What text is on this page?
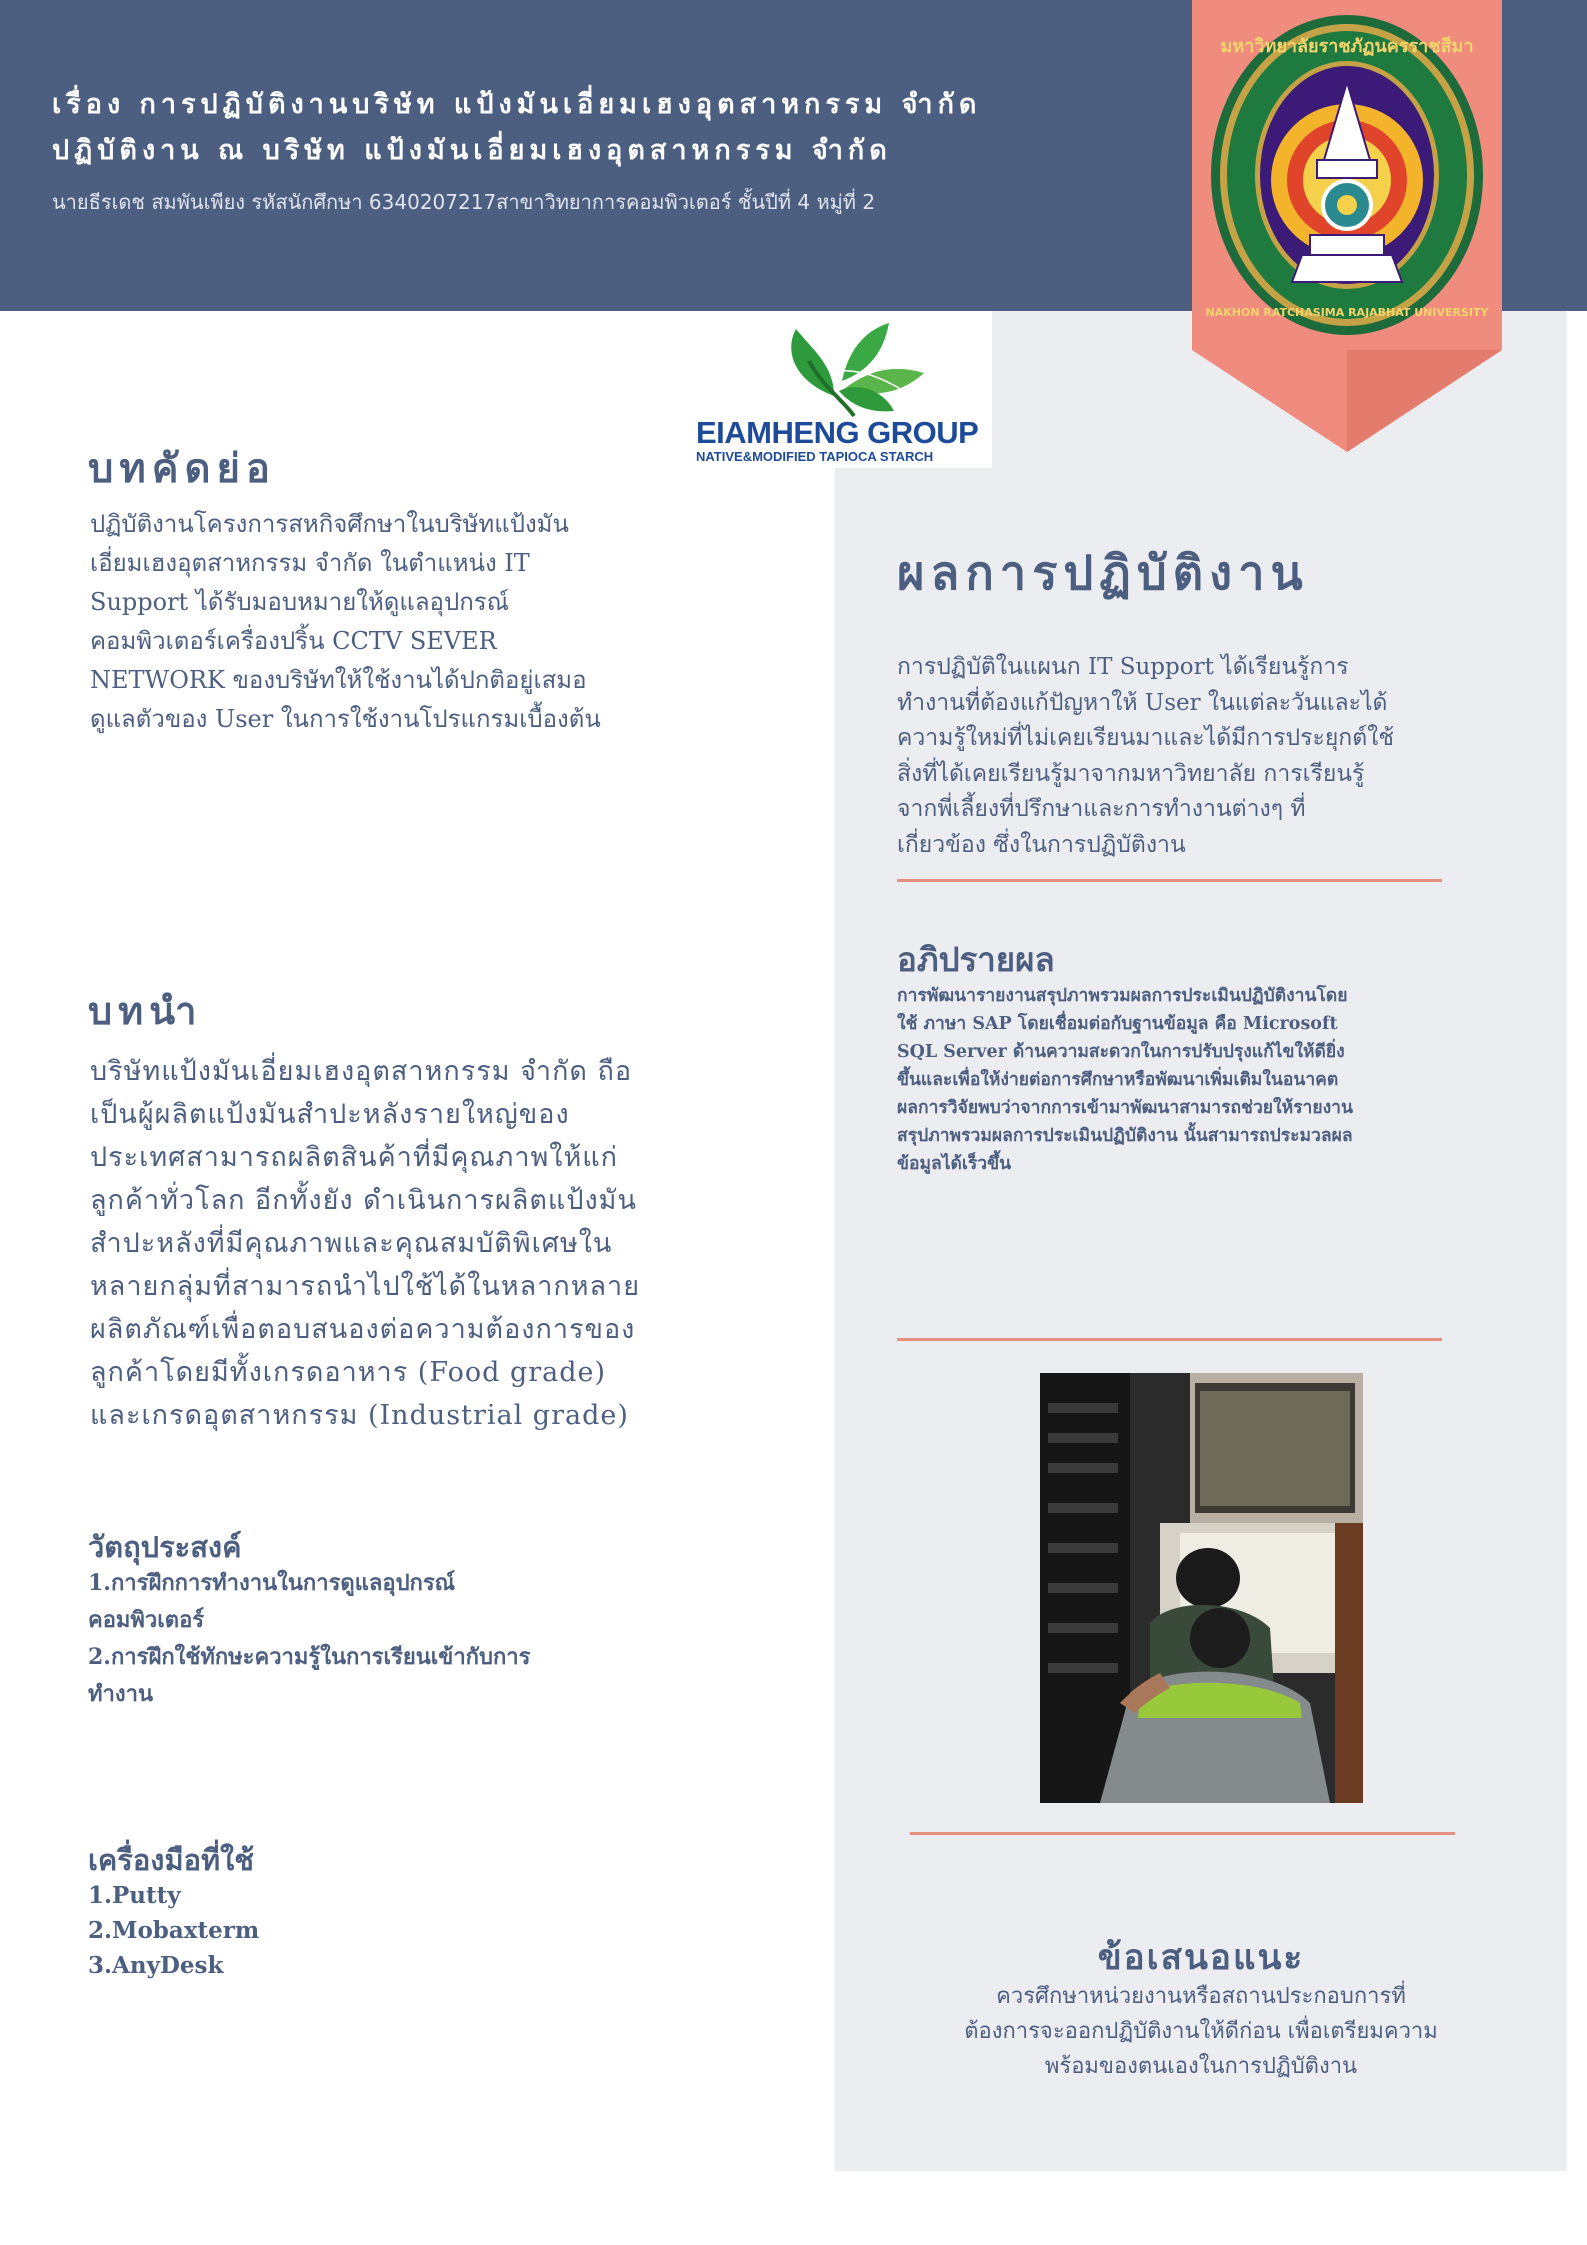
เรื่อง การปฏิบัติงานบริษัท แป้งมันเอี่ยมเฮงอุตสาหกรรม จำกัด
ปฏิบัติงาน ณ บริษัท แป้งมันเอี่ยมเฮงอุตสาหกรรม จำกัด
นายธีรเดช สมพันเพียง รหัสนักศึกษา 6340207217สาขาวิทยาการคอมพิวเตอร์ ชั้นปีที่ 4 หมู่ที่ 2
มหาวิทยาลัยราชภัฏนครราชสีมา
NAKHON RATCHASIMA RAJABHAT UNIVERSITY
EIAMHENG GROUP
NATIVE&MODIFIED TAPIOCA STARCH
บทคัดย่อ

ปฏิบัติงานโครงการสหกิจศึกษาในบริษัทแป้งมัน
เอี่ยมเฮงอุตสาหกรรม จำกัด ในตำแหน่ง IT
Support ได้รับมอบหมายให้ดูแลอุปกรณ์
คอมพิวเตอร์เครื่องปริ้น CCTV SEVER
NETWORK ของบริษัทให้ใช้งานได้ปกติอยู่เสมอ
ดูแลตัวของ User ในการใช้งานโปรแกรมเบื้องต้น

บทนำ

บริษัทแป้งมันเอี่ยมเฮงอุตสาหกรรม จำกัด ถือ
เป็นผู้ผลิตแป้งมันสำปะหลังรายใหญ่ของ
ประเทศสามารถผลิตสินค้าที่มีคุณภาพให้แก่
ลูกค้าทั่วโลก อีกทั้งยัง ดำเนินการผลิตแป้งมัน
สำปะหลังที่มีคุณภาพและคุณสมบัติพิเศษใน
หลายกลุ่มที่สามารถนำไปใช้ได้ในหลากหลาย
ผลิตภัณฑ์เพื่อตอบสนองต่อความต้องการของ
ลูกค้าโดยมีทั้งเกรดอาหาร (Food grade)
และเกรดอุตสาหกรรม (Industrial grade)

วัตถุประสงค์

1.การฝึกการทำงานในการดูแลอุปกรณ์
คอมพิวเตอร์
2.การฝึกใช้ทักษะความรู้ในการเรียนเข้ากับการ
ทำงาน

เครื่องมือที่ใช้
1.Putty
2.Mobaxterm
3.AnyDesk
ผลการปฏิบัติงาน

การปฏิบัติในแผนก IT Support ได้เรียนรู้การ
ทำงานที่ต้องแก้ปัญหาให้ User ในแต่ละวันและได้
ความรู้ใหม่ที่ไม่เคยเรียนมาและได้มีการประยุกต์ใช้
สิ่งที่ได้เคยเรียนรู้มาจากมหาวิทยาลัย การเรียนรู้
จากพี่เลี้ยงที่ปรึกษาและการทำงานต่างๆ ที่
เกี่ยวข้อง ซึ่งในการปฏิบัติงาน

อภิปรายผล

การพัฒนารายงานสรุปภาพรวมผลการประเมินปฏิบัติงานโดย
ใช้ ภาษา SAP โดยเชื่อมต่อกับฐานข้อมูล คือ Microsoft
SQL Server ด้านความสะดวกในการปรับปรุงแก้ไขให้ดียิ่ง
ขึ้นและเพื่อให้ง่ายต่อการศึกษาหรือพัฒนาเพิ่มเติมในอนาคต
ผลการวิจัยพบว่าจากการเข้ามาพัฒนาสามารถช่วยให้รายงาน
สรุปภาพรวมผลการประเมินปฏิบัติงาน นั้นสามารถประมวลผล
ข้อมูลได้เร็วขึ้น

ข้อเสนอแนะ

ควรศึกษาหน่วยงานหรือสถานประกอบการที่
ต้องการจะออกปฏิบัติงานให้ดีก่อน เพื่อเตรียมความ
พร้อมของตนเองในการปฏิบัติงาน
